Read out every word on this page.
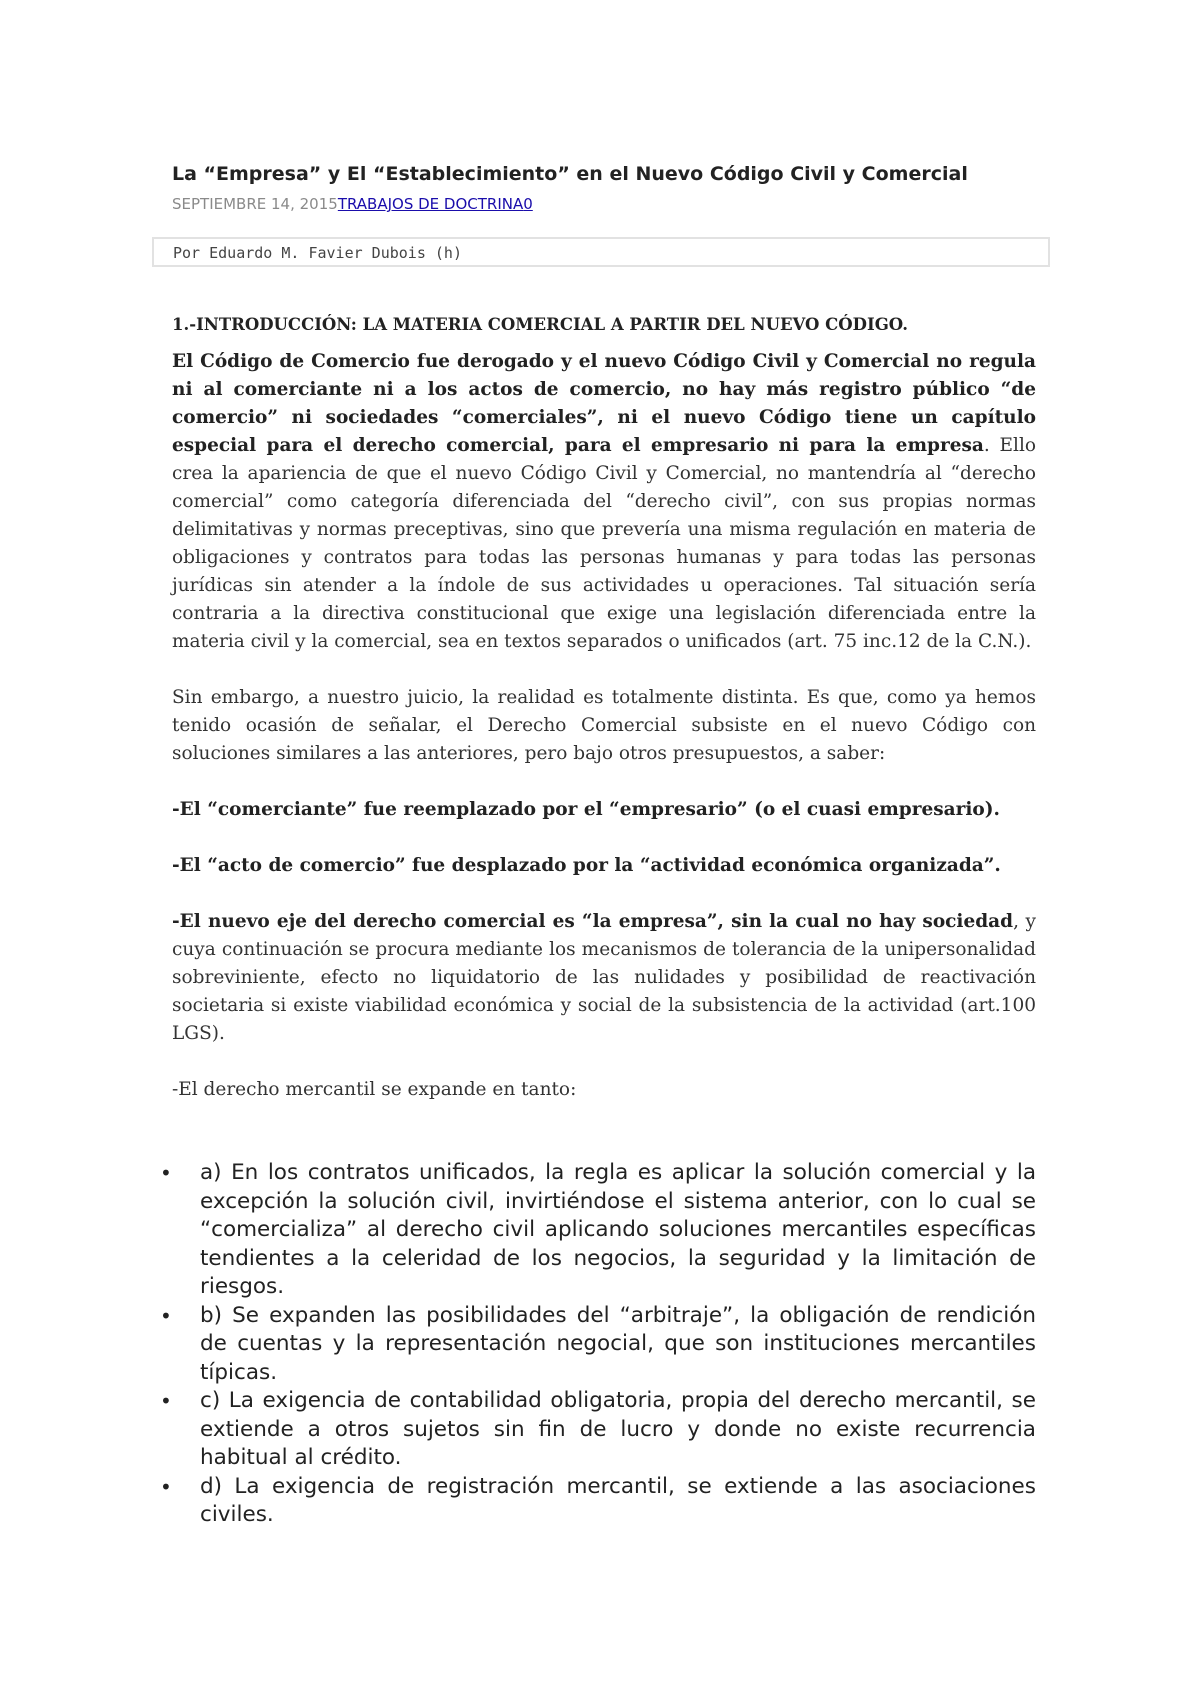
La “Empresa” y El “Establecimiento” en el Nuevo Código Civil y Comercial
SEPTIEMBRE 14, 2015TRABAJOS DE DOCTRINA0
Por Eduardo M. Favier Dubois (h)

1.-INTRODUCCIÓN: LA MATERIA COMERCIAL A PARTIR DEL NUEVO CÓDIGO.

El Código de Comercio fue derogado y el nuevo Código Civil y Comercial no regula ni al comerciante ni a los actos de comercio, no hay más registro público “de comercio” ni sociedades “comerciales”, ni el nuevo Código tiene un capítulo especial para el derecho comercial, para el empresario ni para la empresa. Ello crea la apariencia de que el nuevo Código Civil y Comercial, no mantendría al “derecho comercial” como categoría diferenciada del “derecho civil”, con sus propias normas delimitativas y normas preceptivas, sino que prevería una misma regulación en materia de obligaciones y contratos para todas las personas humanas y para todas las personas jurídicas sin atender a la índole de sus actividades u operaciones. Tal situación sería contraria a la directiva constitucional que exige una legislación diferenciada entre la materia civil y la comercial, sea en textos separados o unificados (art. 75 inc.12 de la C.N.).

Sin embargo, a nuestro juicio, la realidad es totalmente distinta. Es que, como ya hemos tenido ocasión de señalar, el Derecho Comercial subsiste en el nuevo Código con soluciones similares a las anteriores, pero bajo otros presupuestos, a saber:

-El “comerciante” fue reemplazado por el “empresario” (o el cuasi empresario).

-El “acto de comercio” fue desplazado por la “actividad económica organizada”.

-El nuevo eje del derecho comercial es “la empresa”, sin la cual no hay sociedad, y cuya continuación se procura mediante los mecanismos de tolerancia de la unipersonalidad sobreviniente, efecto no liquidatorio de las nulidades y posibilidad de reactivación societaria si existe viabilidad económica y social de la subsistencia de la actividad (art.100 LGS).

-El derecho mercantil se expande en tanto:

• a) En los contratos unificados, la regla es aplicar la solución comercial y la excepción la solución civil, invirtiéndose el sistema anterior, con lo cual se “comercializa” al derecho civil aplicando soluciones mercantiles específicas tendientes a la celeridad de los negocios, la seguridad y la limitación de riesgos.
• b) Se expanden las posibilidades del “arbitraje”, la obligación de rendición de cuentas y la representación negocial, que son instituciones mercantiles típicas.
• c) La exigencia de contabilidad obligatoria, propia del derecho mercantil, se extiende a otros sujetos sin fin de lucro y donde no existe recurrencia habitual al crédito.
• d) La exigencia de registración mercantil, se extiende a las asociaciones civiles.
